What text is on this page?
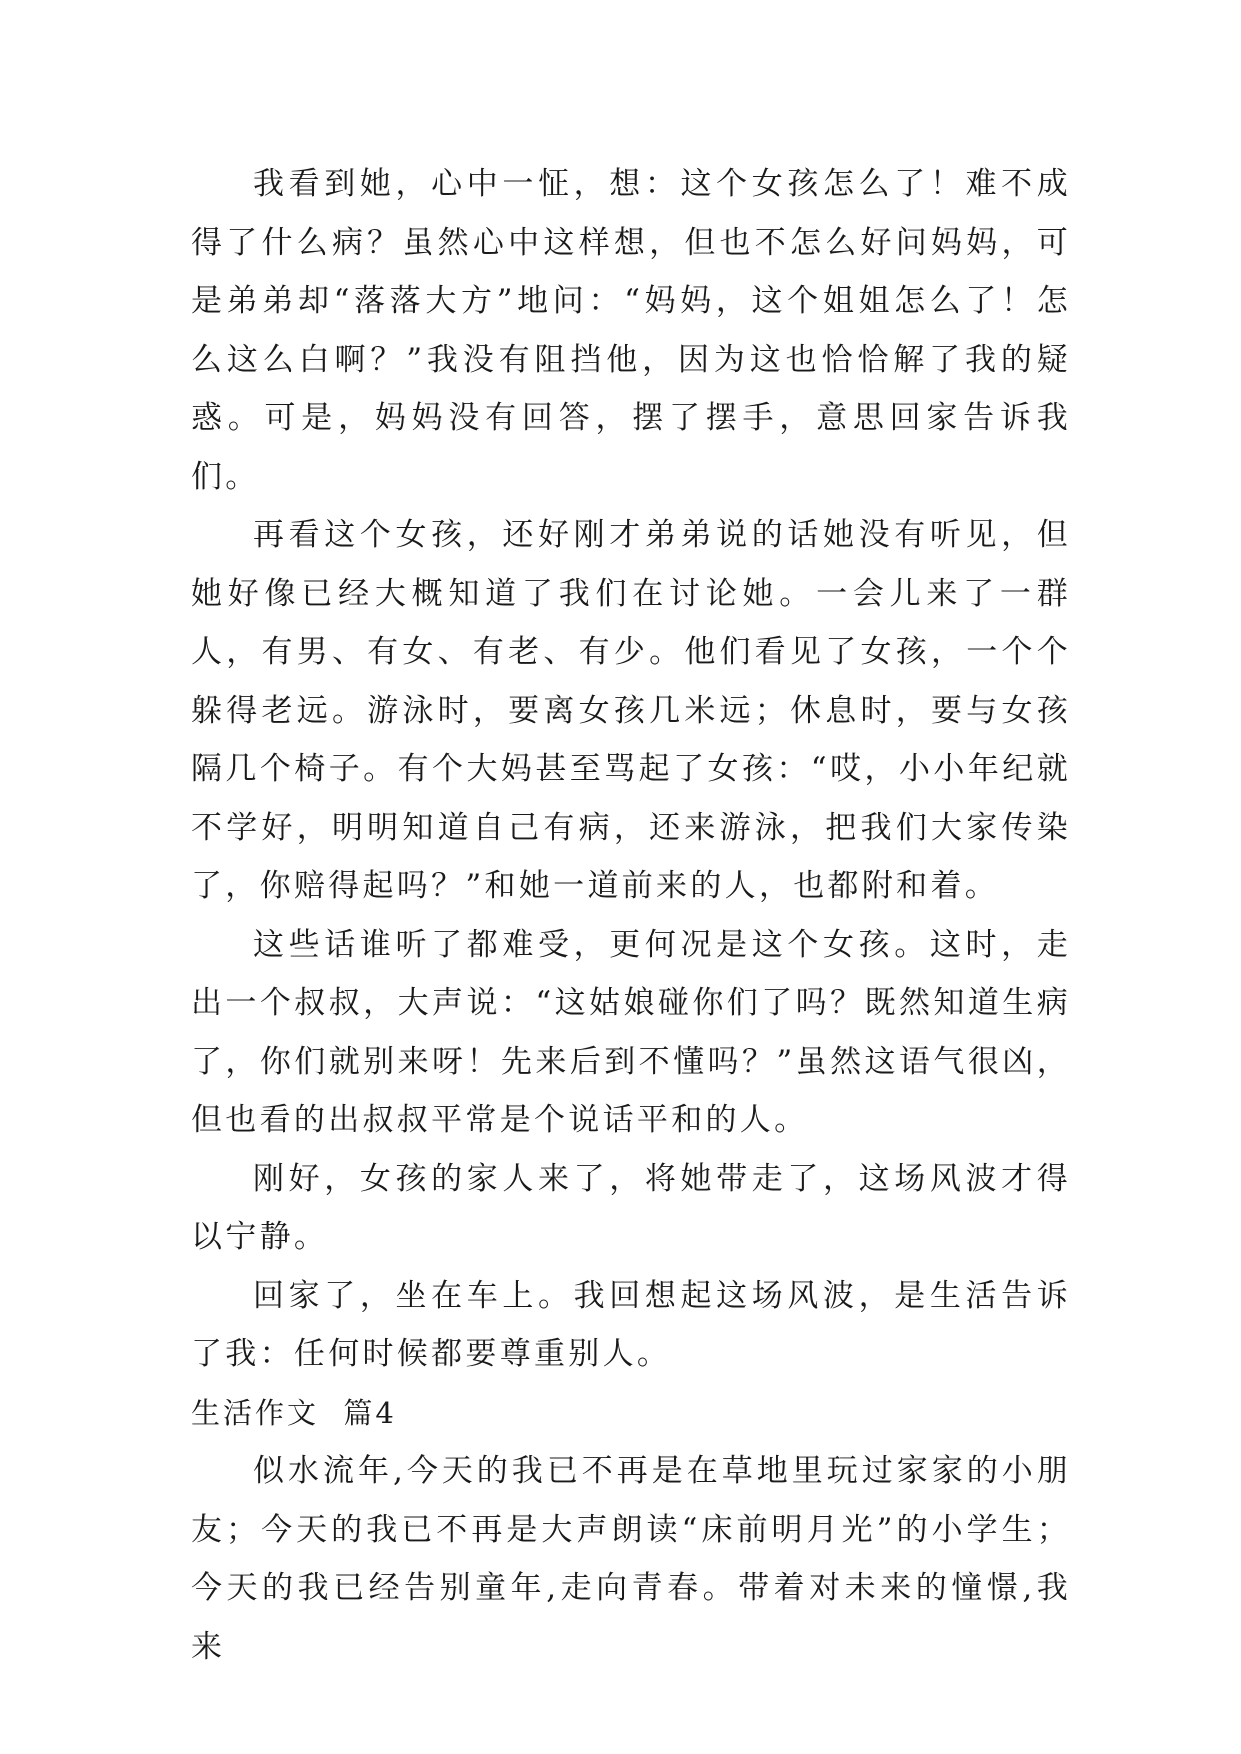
我看到她，心中一怔，想：这个女孩怎么了！难不成得了什么病？虽然心中这样想，但也不怎么好问妈妈，可是弟弟却“落落大方”地问：“妈妈，这个姐姐怎么了！怎么这么白啊？”我没有阻挡他，因为这也恰恰解了我的疑惑。可是，妈妈没有回答，摆了摆手，意思回家告诉我们。

再看这个女孩，还好刚才弟弟说的话她没有听见，但她好像已经大概知道了我们在讨论她。一会儿来了一群人，有男、有女、有老、有少。他们看见了女孩，一个个躲得老远。游泳时，要离女孩几米远；休息时，要与女孩隔几个椅子。有个大妈甚至骂起了女孩：“哎，小小年纪就不学好，明明知道自己有病，还来游泳，把我们大家传染了，你赔得起吗？”和她一道前来的人，也都附和着。

这些话谁听了都难受，更何况是这个女孩。这时，走出一个叔叔，大声说：“这姑娘碰你们了吗？既然知道生病了，你们就别来呀！先来后到不懂吗？”虽然这语气很凶，但也看的出叔叔平常是个说话平和的人。

刚好，女孩的家人来了，将她带走了，这场风波才得以宁静。

回家了，坐在车上。我回想起这场风波，是生活告诉了我：任何时候都要尊重别人。

生活作文  篇4

似水流年,今天的我已不再是在草地里玩过家家的小朋友；今天的我已不再是大声朗读“床前明月光”的小学生；今天的我已经告别童年,走向青春。带着对未来的憧憬,我来
